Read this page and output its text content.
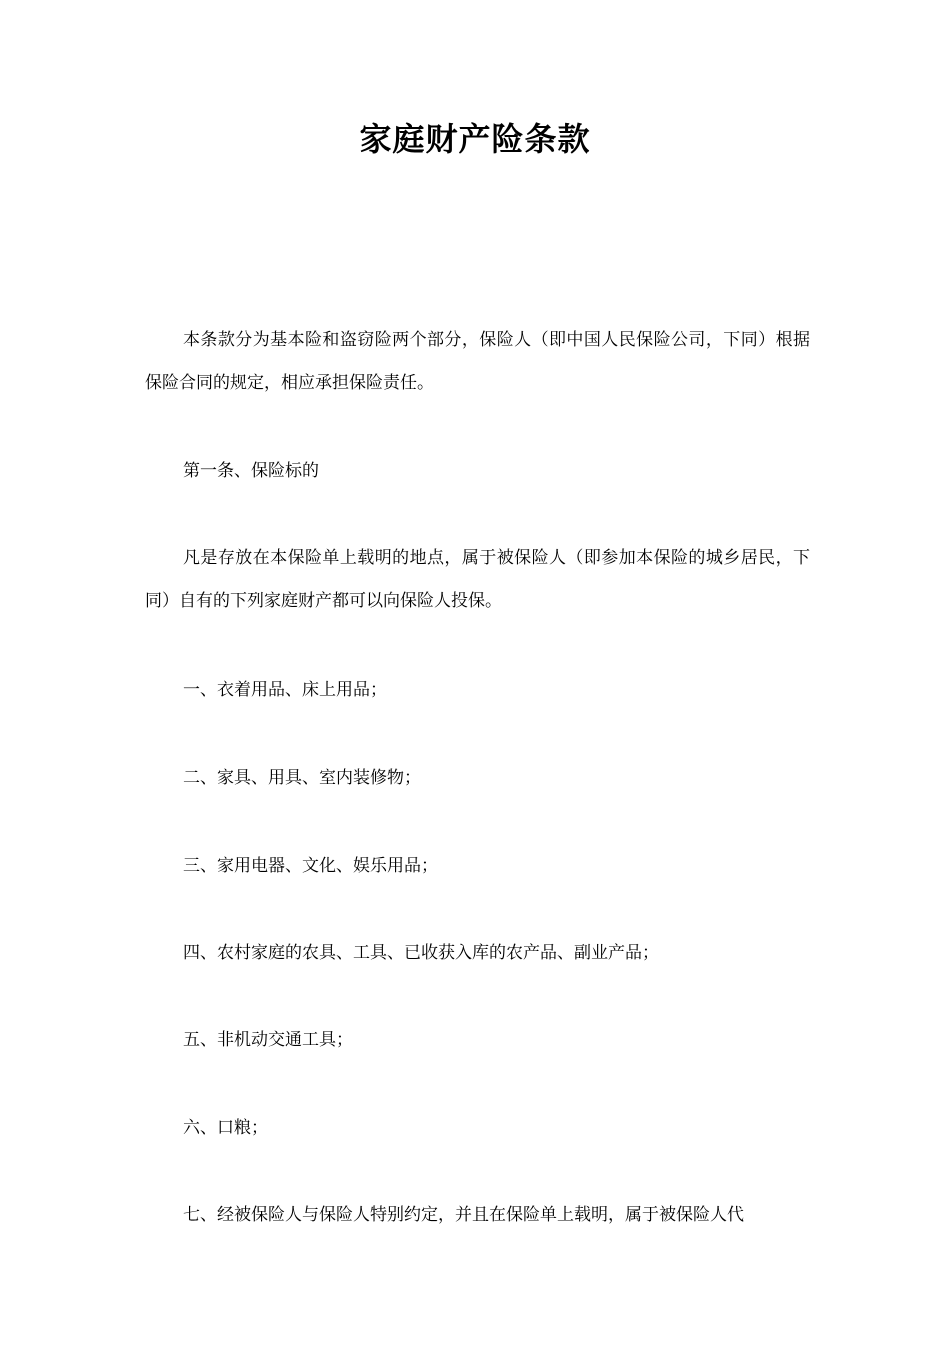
家庭财产险条款

本条款分为基本险和盗窃险两个部分，保险人（即中国人民保险公司，下同）根据保险合同的规定，相应承担保险责任。

第一条、保险标的

凡是存放在本保险单上载明的地点，属于被保险人（即参加本保险的城乡居民，下同）自有的下列家庭财产都可以向保险人投保。

一、衣着用品、床上用品；

二、家具、用具、室内装修物；

三、家用电器、文化、娱乐用品；

四、农村家庭的农具、工具、已收获入库的农产品、副业产品；

五、非机动交通工具；

六、口粮；

七、经被保险人与保险人特别约定，并且在保险单上载明，属于被保险人代
